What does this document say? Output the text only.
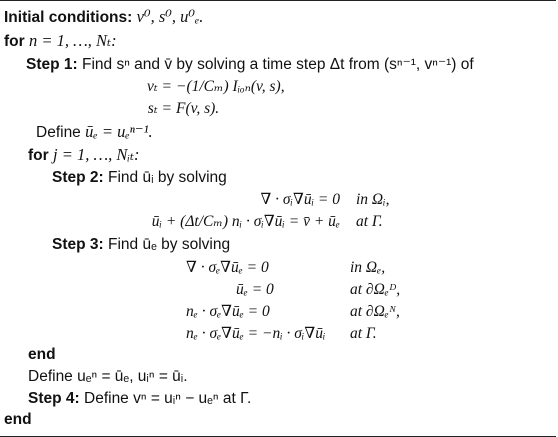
Initial conditions: v⁰, s⁰, u⁰ₑ.
for n = 1, …, Nₜ:
Step 1: Find sⁿ and v̄ by solving a time step Δt from (sⁿ⁻¹, vⁿ⁻¹) of
vₜ = −(1/Cₘ) Iᵢₒₙ(v, s),
sₜ = F(v, s).
Define ūₑ = uₑⁿ⁻¹.
for j = 1, …, Nᵢₜ:
Step 2: Find ūᵢ by solving
∇ · σᵢ∇ūᵢ = 0 in Ωᵢ,
ūᵢ + (Δt/Cₘ) nᵢ · σᵢ∇ūᵢ = v̄ + ūₑ at Γ.
Step 3: Find ūₑ by solving
∇ · σₑ∇ūₑ = 0	in Ωₑ,
ūₑ = 0	at ∂Ωₑᴰ,
nₑ · σₑ∇ūₑ = 0	at ∂Ωₑᴺ,
nₑ · σₑ∇ūₑ = −nᵢ · σᵢ∇ūᵢ at Γ.
end
Define uₑⁿ = ūₑ, uᵢⁿ = ūᵢ.
Step 4: Define vⁿ = uᵢⁿ − uₑⁿ at Γ.
end
